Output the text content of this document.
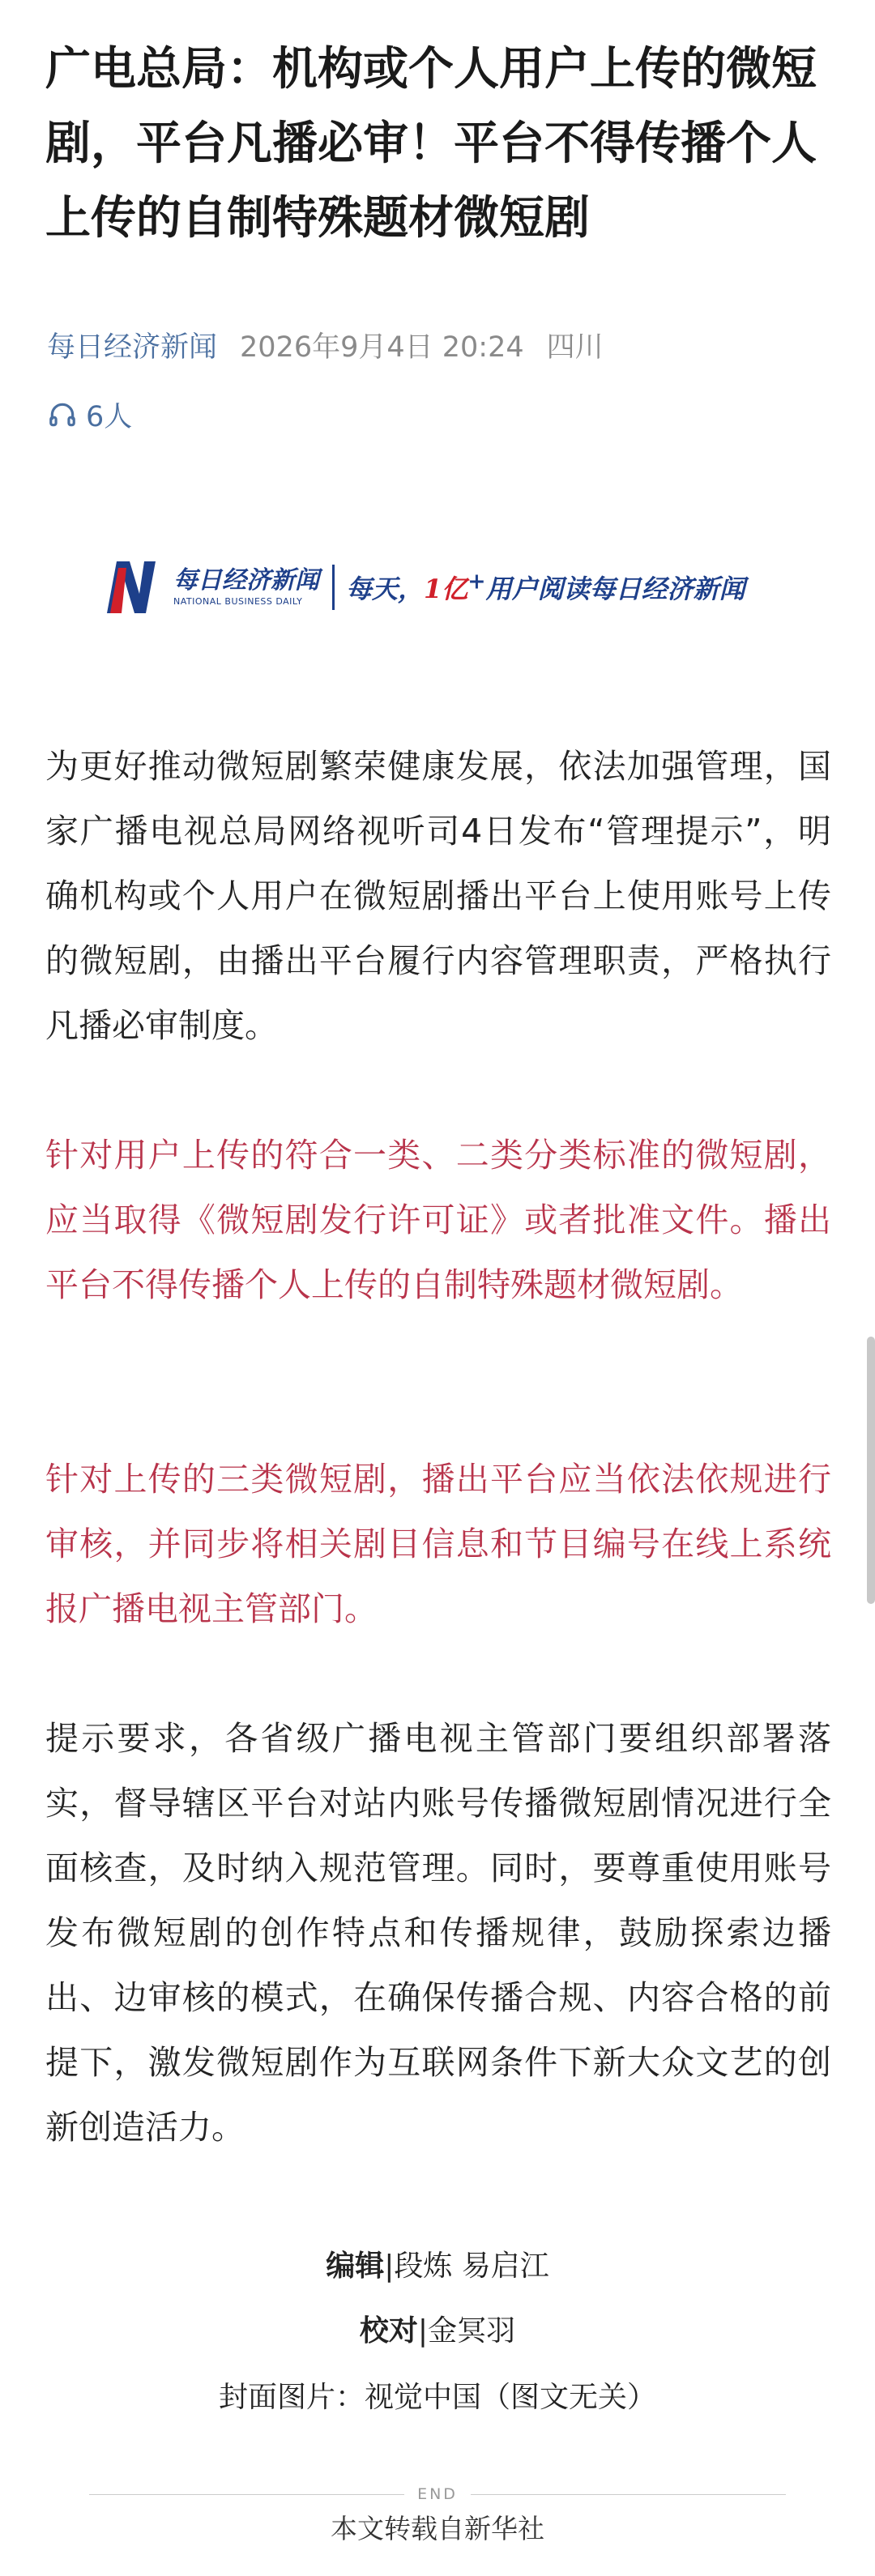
广电总局：机构或个人用户上传的微短剧，平台凡播必审！平台不得传播个人上传的自制特殊题材微短剧
每日经济新闻 2026年9月4日 20:24 四川
6人
每日经济新闻
NATIONAL BUSINESS DAILY	每天，1亿+用户阅读每日经济新闻

为更好推动微短剧繁荣健康发展，依法加强管理，国家广播电视总局网络视听司4日发布“管理提示”，明确机构或个人用户在微短剧播出平台上使用账号上传的微短剧，由播出平台履行内容管理职责，严格执行凡播必审制度。

针对用户上传的符合一类、二类分类标准的微短剧，应当取得《微短剧发行许可证》或者批准文件。播出平台不得传播个人上传的自制特殊题材微短剧。

针对上传的三类微短剧，播出平台应当依法依规进行审核，并同步将相关剧目信息和节目编号在线上系统报广播电视主管部门。

提示要求，各省级广播电视主管部门要组织部署落实，督导辖区平台对站内账号传播微短剧情况进行全面核查，及时纳入规范管理。同时，要尊重使用账号发布微短剧的创作特点和传播规律，鼓励探索边播出、边审核的模式，在确保传播合规、内容合格的前提下，激发微短剧作为互联网条件下新大众文艺的创新创造活力。

编辑|段炼 易启江
校对|金冥羽
封面图片：视觉中国（图文无关）
END
本文转载自新华社
